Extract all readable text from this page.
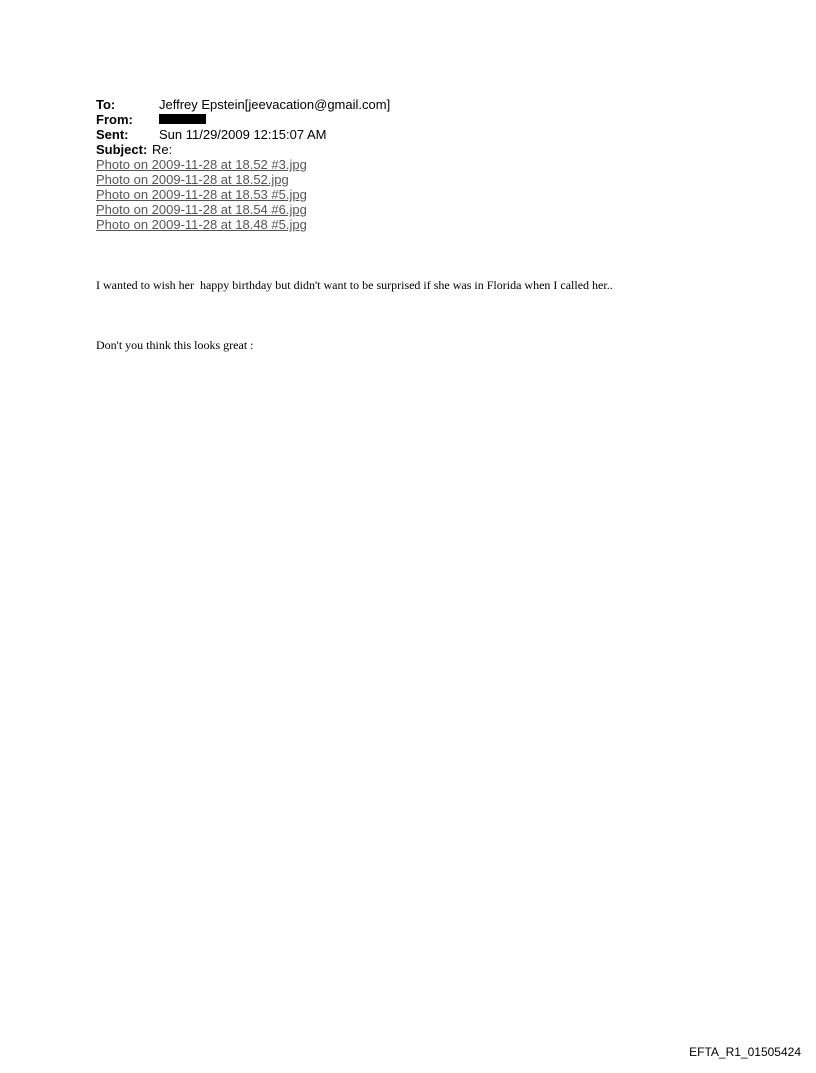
To:	Jeffrey Epstein[jeevacation@gmail.com]
From:
Sent:	Sun 11/29/2009 12:15:07 AM
Subject: Re:
Photo on 2009-11-28 at 18.52 #3.jpg
Photo on 2009-11-28 at 18.52.jpg
Photo on 2009-11-28 at 18.53 #5.jpg
Photo on 2009-11-28 at 18.54 #6.jpg
Photo on 2009-11-28 at 18.48 #5.jpg

I wanted to wish her  happy birthday but didn't want to be surprised if she was in Florida when I called her..

Don't you think this looks great :

EFTA_R1_01505424
